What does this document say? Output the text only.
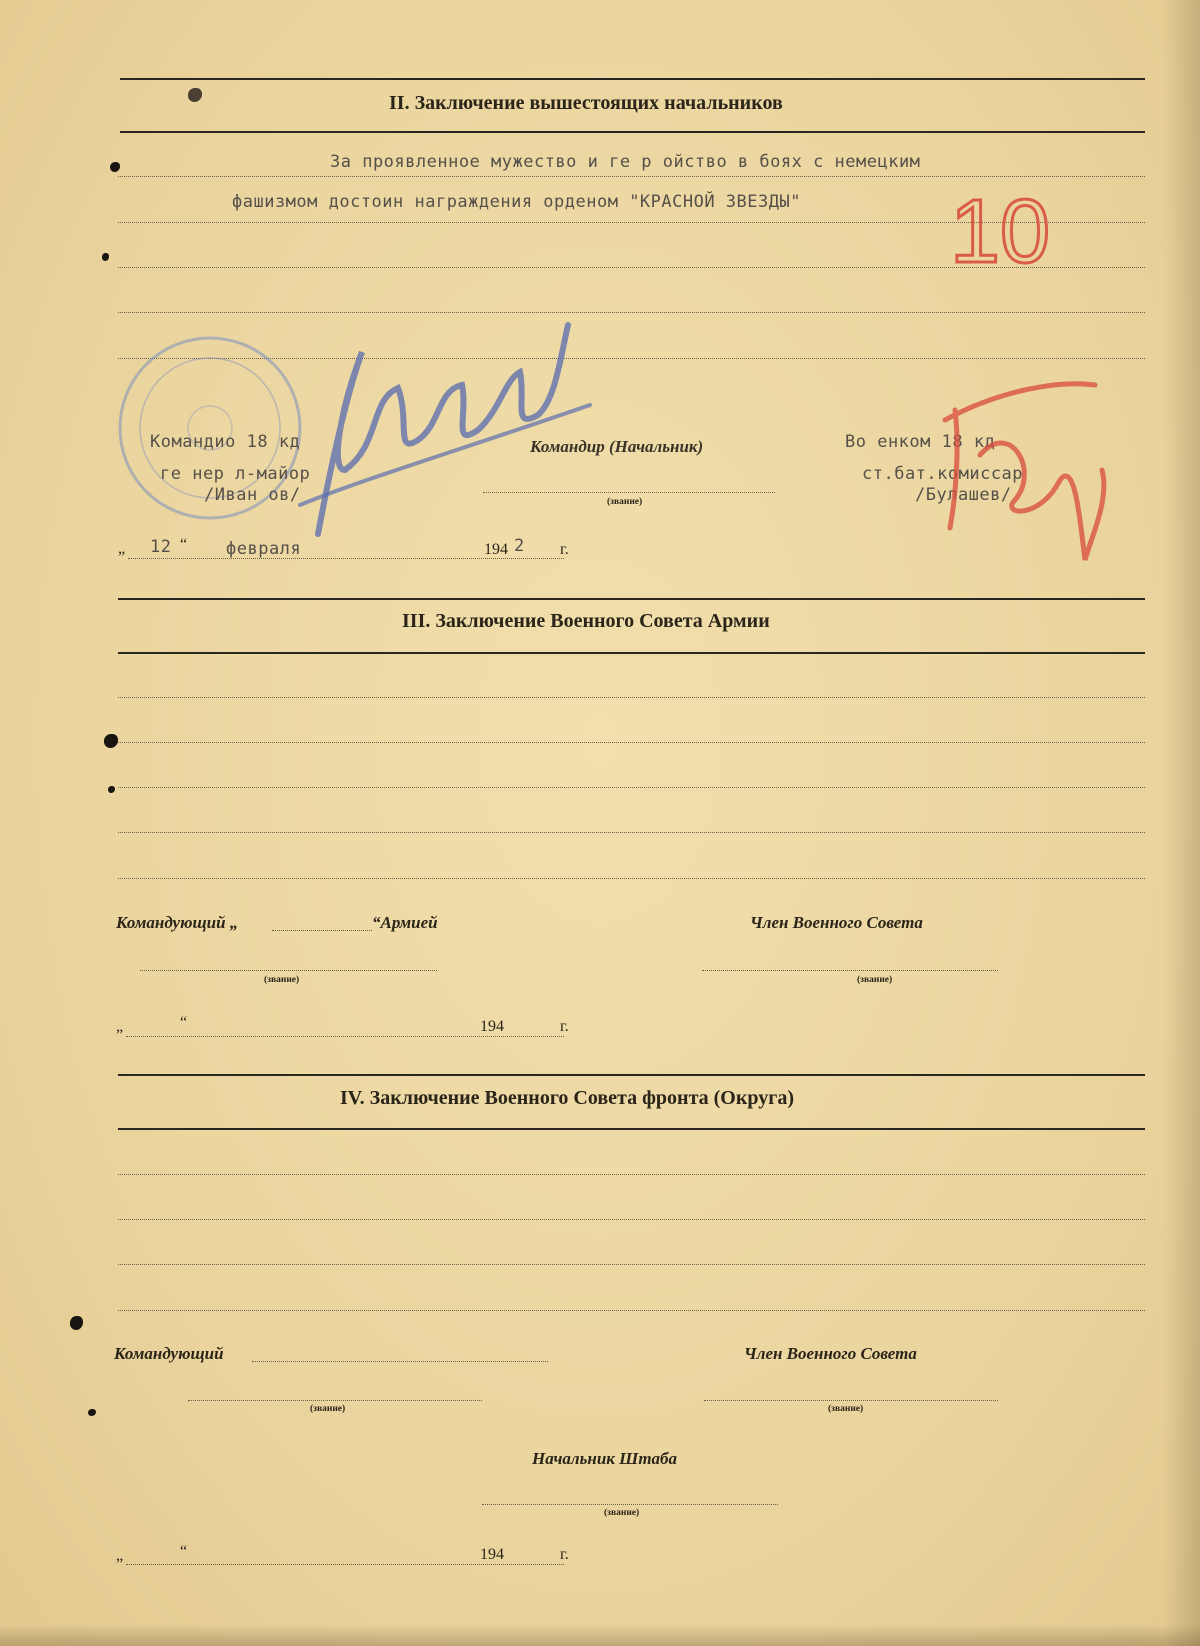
II. Заключение вышестоящих начальников
За проявленное мужество и ге р ойство в боях с немецким
фашизмом достоин награждения орденом "КРАСНОЙ ЗВЕЗДЫ"
Командио 18 кд
ге нер л-майор
/Иван ов/
Командир (Начальник)
(звание)
Во енком 18 кд
ст.бат.комиссар
/Булашев/
„ 12 “ февраля	194 2 г.
10
III. Заключение Военного Совета Армии
Командующий „	“Армией	Член Военного Совета
(звание)	(звание)
„	“	194	г.
IV. Заключение Военного Совета фронта (Округа)
Командующий	Член Военного Совета
(звание)	(звание)
Начальник Штаба
(звание)
„	“	194	г.
